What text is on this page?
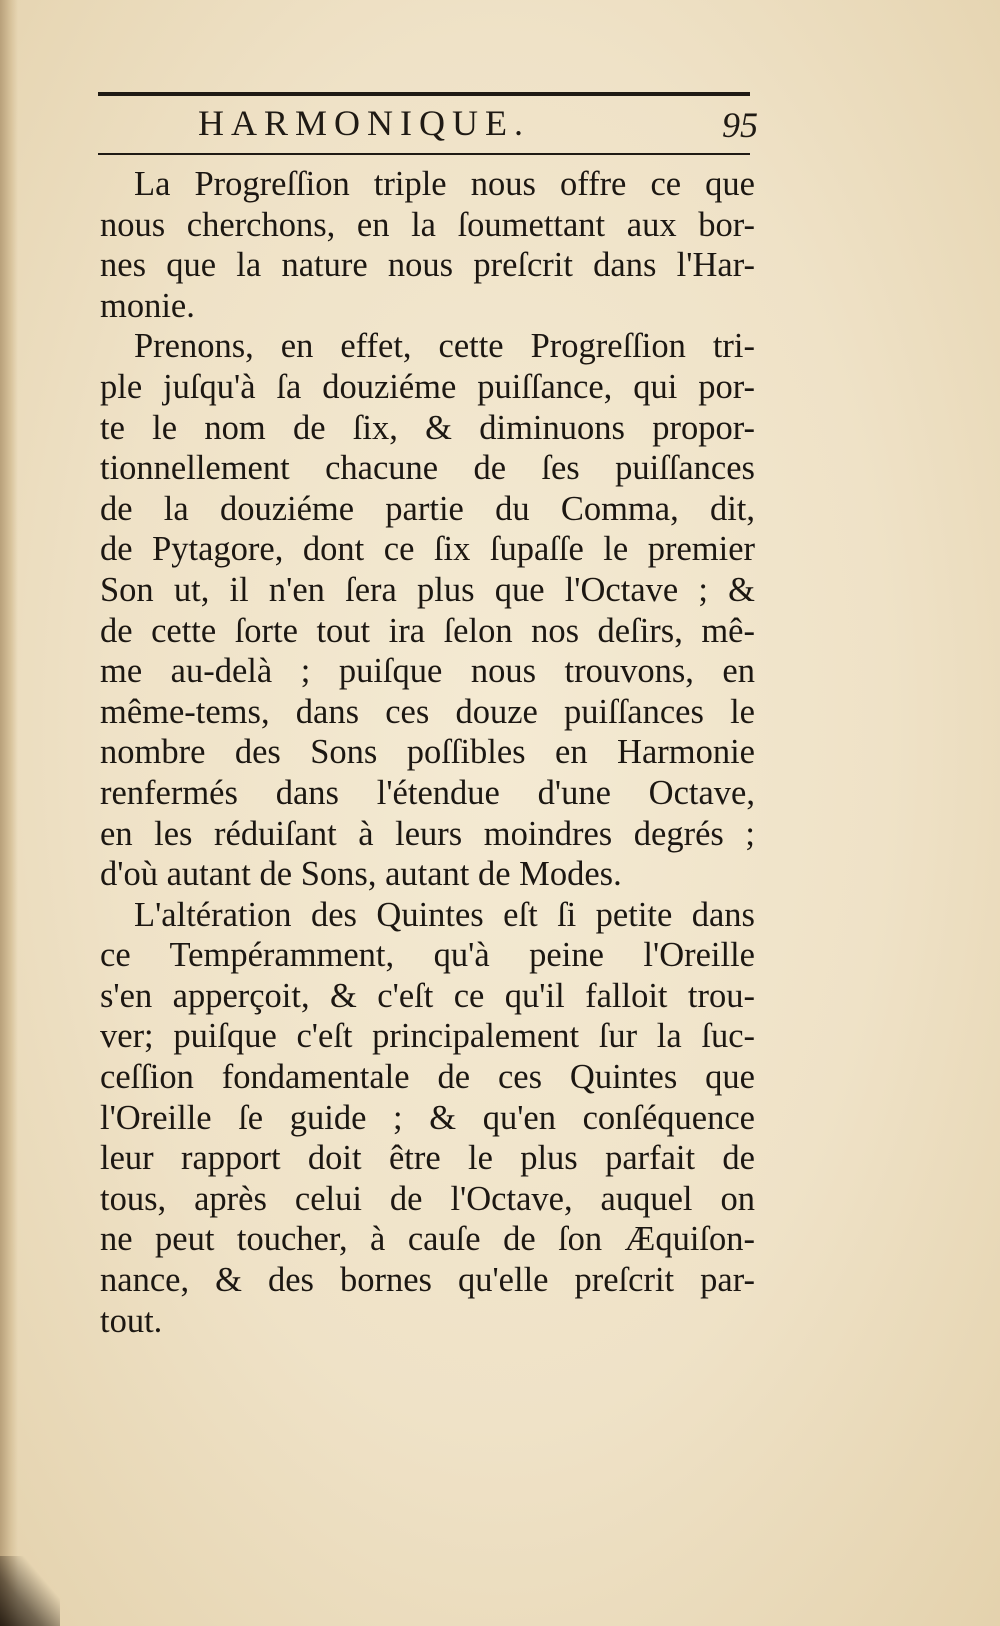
HARMONIQUE.	95

La Progreſſion triple nous offre ce que
nous cherchons, en la ſoumettant aux bor-
nes que la nature nous preſcrit dans l'Har-
monie.

Prenons, en effet, cette Progreſſion tri-
ple juſqu'à ſa douziéme puiſſance, qui por-
te le nom de ſix, & diminuons propor-
tionnellement chacune de ſes puiſſances
de la douziéme partie du Comma, dit,
de Pytagore, dont ce ſix ſupaſſe le premier
Son ut, il n'en ſera plus que l'Octave ; &
de cette ſorte tout ira ſelon nos deſirs, mê-
me au-delà ; puiſque nous trouvons, en
même-tems, dans ces douze puiſſances le
nombre des Sons poſſibles en Harmonie
renfermés dans l'étendue d'une Octave,
en les réduiſant à leurs moindres degrés ;
d'où autant de Sons, autant de Modes.

L'altération des Quintes eſt ſi petite dans
ce Tempéramment, qu'à peine l'Oreille
s'en apperçoit, & c'eſt ce qu'il falloit trou-
ver; puiſque c'eſt principalement ſur la ſuc-
ceſſion fondamentale de ces Quintes que
l'Oreille ſe guide ; & qu'en conſéquence
leur rapport doit être le plus parfait de
tous, après celui de l'Octave, auquel on
ne peut toucher, à cauſe de ſon Æquiſon-
nance, & des bornes qu'elle preſcrit par-
tout.
